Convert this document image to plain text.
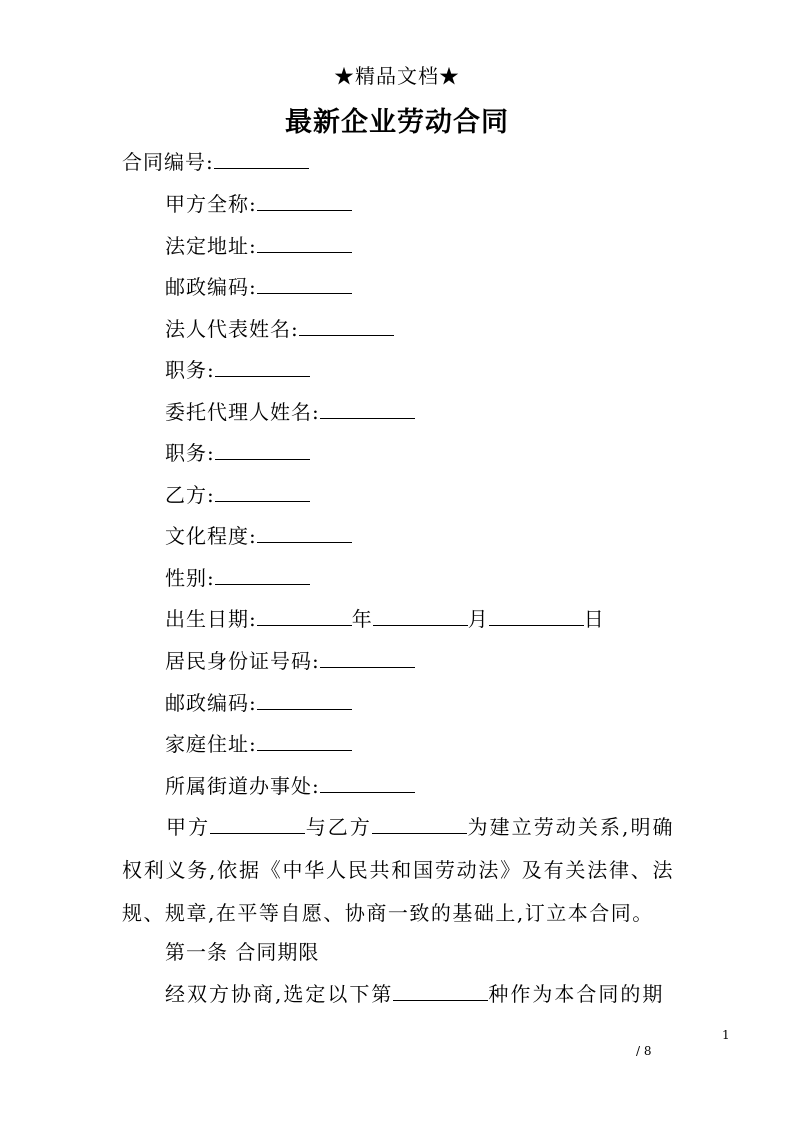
★精品文档★
最新企业劳动合同
合同编号:
甲方全称:
法定地址:
邮政编码:
法人代表姓名:
职务:
委托代理人姓名:
职务:
乙方:
文化程度:
性别:
出生日期:	年	月	日
居民身份证号码:
邮政编码:
家庭住址:
所属街道办事处:
甲方	与乙方	为建立劳动关系,明确权利义务,依据《中华人民共和国劳动法》及有关法律、法规、规章,在平等自愿、协商一致的基础上,订立本合同。
第一条 合同期限
经双方协商,选定以下第	种作为本合同的期
1
/ 8
